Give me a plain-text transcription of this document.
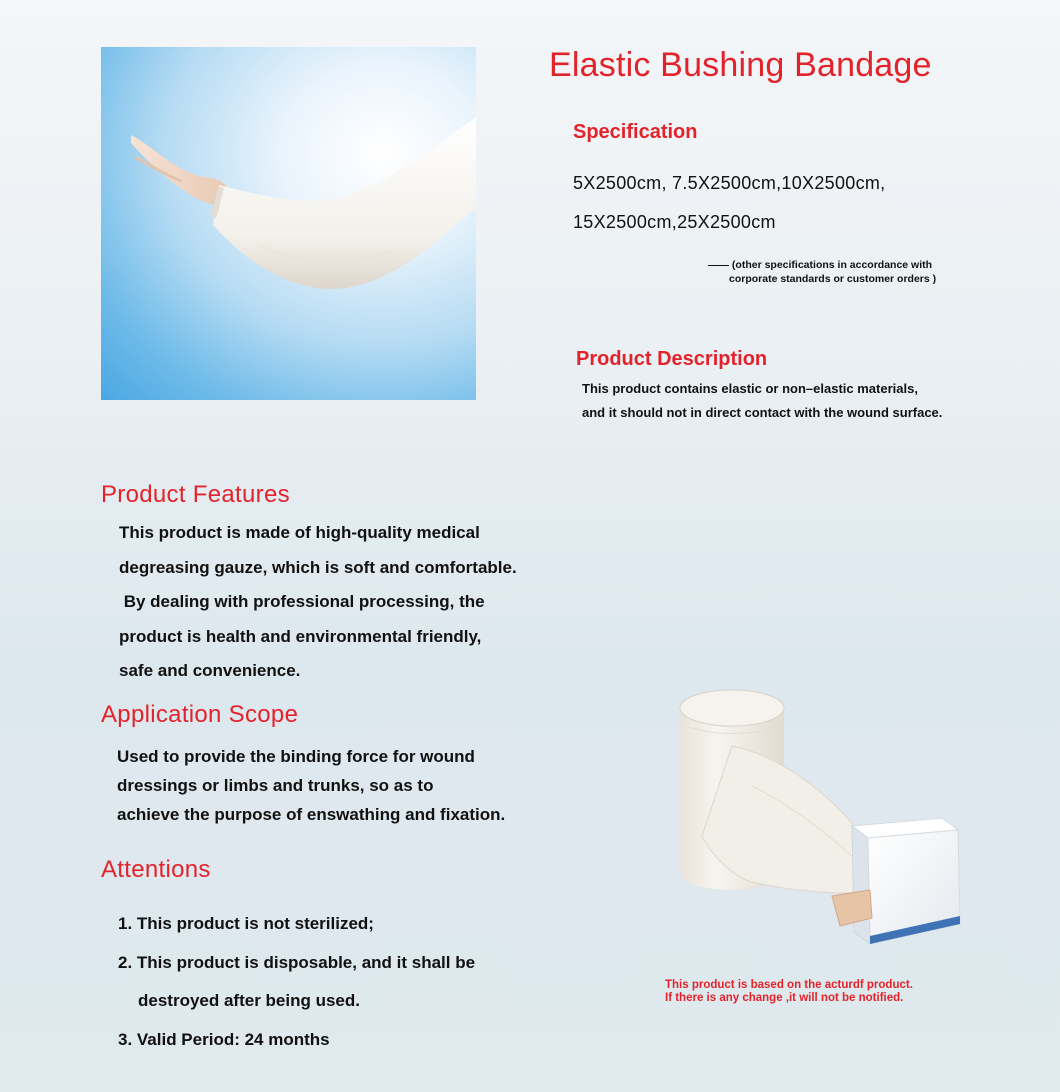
Elastic Bushing Bandage
Specification
5X2500cm, 7.5X2500cm,10X2500cm,
15X2500cm,25X2500cm
—— (other specifications in accordance with
corporate standards or customer orders )
Product Description
This product contains elastic or non–elastic materials,
and it should not in direct contact with the wound surface.
Product Features
This product is made of high-quality medical
degreasing gauze, which is soft and comfortable.
By dealing with professional processing, the
product is health and environmental friendly,
safe and convenience.
Application Scope
Used to provide the binding force for wound
dressings or limbs and trunks, so as to
achieve the purpose of enswathing and fixation.
Attentions
1. This product is not sterilized;
2. This product is disposable, and it shall be
destroyed after being used.
3. Valid Period: 24 months
This product is based on the acturdf product.
If there is any change ,it will not be notified.
